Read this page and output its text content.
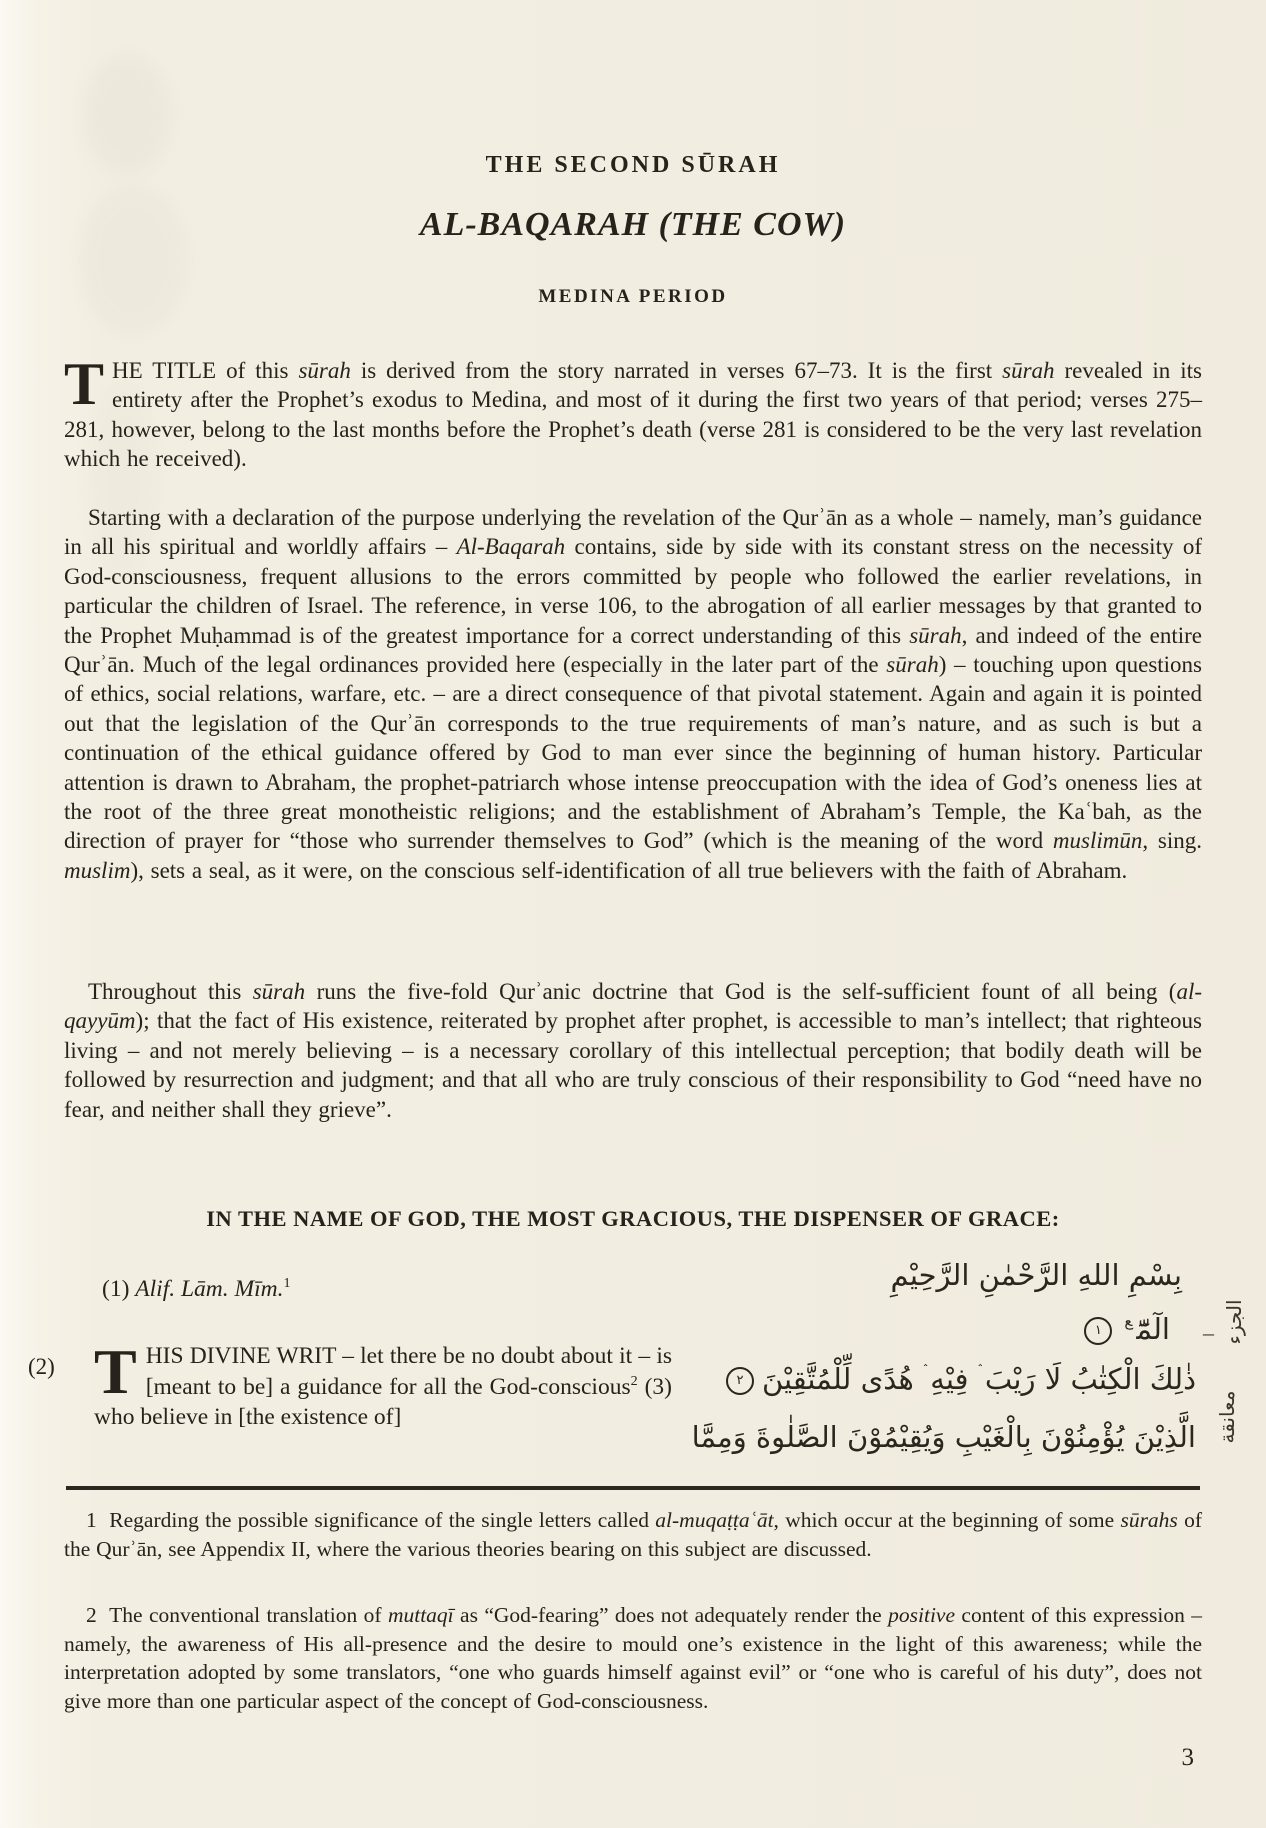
THE SECOND SŪRAH
AL-BAQARAH (THE COW)
MEDINA PERIOD
THE TITLE of this sūrah is derived from the story narrated in verses 67–73. It is the first sūrah revealed in its entirety after the Prophet’s exodus to Medina, and most of it during the first two years of that period; verses 275–281, however, belong to the last months before the Prophet’s death (verse 281 is considered to be the very last revelation which he received).
Starting with a declaration of the purpose underlying the revelation of the Qurʾān as a whole – namely, man’s guidance in all his spiritual and worldly affairs – Al-Baqarah contains, side by side with its constant stress on the necessity of God-consciousness, frequent allusions to the errors committed by people who followed the earlier revelations, in particular the children of Israel. The reference, in verse 106, to the abrogation of all earlier messages by that granted to the Prophet Muḥammad is of the greatest importance for a correct understanding of this sūrah, and indeed of the entire Qurʾān. Much of the legal ordinances provided here (especially in the later part of the sūrah) – touching upon questions of ethics, social relations, warfare, etc. – are a direct consequence of that pivotal statement. Again and again it is pointed out that the legislation of the Qurʾān corresponds to the true requirements of man’s nature, and as such is but a continuation of the ethical guidance offered by God to man ever since the beginning of human history. Particular attention is drawn to Abraham, the prophet-patriarch whose intense preoccupation with the idea of God’s oneness lies at the root of the three great monotheistic religions; and the establishment of Abraham’s Temple, the Kaʿbah, as the direction of prayer for “those who surrender themselves to God” (which is the meaning of the word muslimūn, sing. muslim), sets a seal, as it were, on the conscious self-identification of all true believers with the faith of Abraham.
Throughout this sūrah runs the five-fold Qurʾanic doctrine that God is the self-sufficient fount of all being (al-qayyūm); that the fact of His existence, reiterated by prophet after prophet, is accessible to man’s intellect; that righteous living – and not merely believing – is a necessary corollary of this intellectual perception; that bodily death will be followed by resurrection and judgment; and that all who are truly conscious of their responsibility to God “need have no fear, and neither shall they grieve”.
IN THE NAME OF GOD, THE MOST GRACIOUS, THE DISPENSER OF GRACE:
(1) Alif. Lām. Mīm.$^1$
(2) THIS DIVINE WRIT – let there be no doubt about it – is [meant to be] a guidance for all the God-conscious$^2$ (3) who believe in [the existence of]
بِسْمِ اللهِ الرَّحْمٰنِ الرَّحِيْمِ
الٓمّٓ$^ع$١
ذٰلِكَ الْكِتٰبُ لَا رَيْبَ ۛ فِيْهِ ۛ هُدًى لِّلْمُتَّقِيْنَ٢
الَّذِيْنَ يُؤْمِنُوْنَ بِالْغَيْبِ وَيُقِيْمُوْنَ الصَّلٰوةَ وَمِمَّا
– الجزء
معانقة
1  Regarding the possible significance of the single letters called al-muqaṭṭaʿāt, which occur at the beginning of some sūrahs of the Qurʾān, see Appendix II, where the various theories bearing on this subject are discussed.
2  The conventional translation of muttaqī as “God-fearing” does not adequately render the positive content of this expression – namely, the awareness of His all-presence and the desire to mould one’s existence in the light of this awareness; while the interpretation adopted by some translators, “one who guards himself against evil” or “one who is careful of his duty”, does not give more than one particular aspect of the concept of God-consciousness.
3
